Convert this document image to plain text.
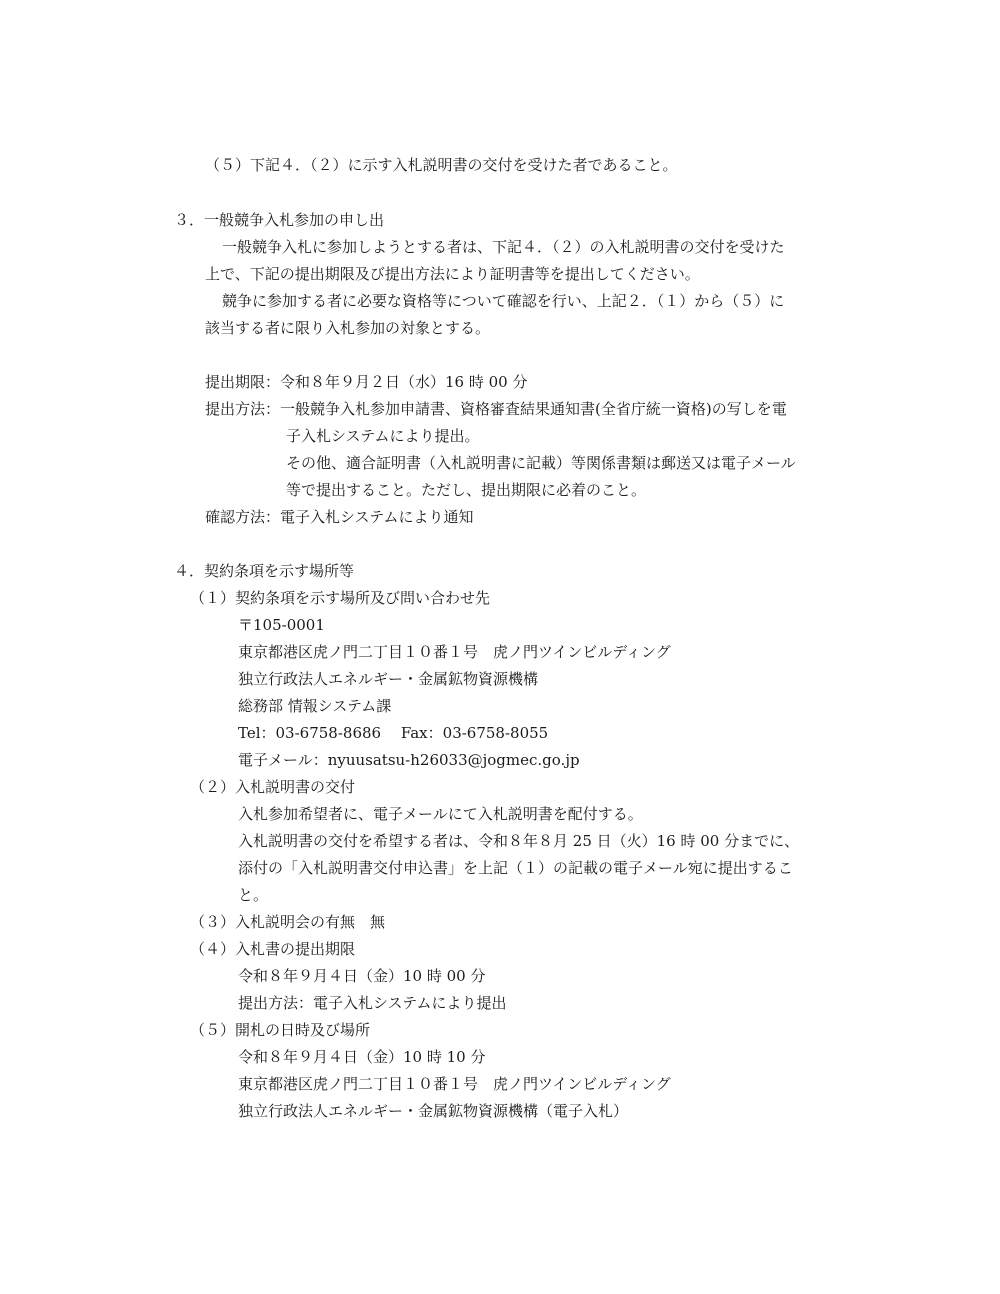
（５）下記４．（２）に示す入札説明書の交付を受けた者であること。

３．一般競争入札参加の申し出

一般競争入札に参加しようとする者は、下記４．（２）の入札説明書の交付を受けた

上で、下記の提出期限及び提出方法により証明書等を提出してください。

競争に参加する者に必要な資格等について確認を行い、上記２．（１）から（５）に

該当する者に限り入札参加の対象とする。

提出期限：令和８年９月２日（水）16 時 00 分

提出方法：一般競争入札参加申請書、資格審査結果通知書(全省庁統一資格)の写しを電

子入札システムにより提出。

その他、適合証明書（入札説明書に記載）等関係書類は郵送又は電子メール

等で提出すること。ただし、提出期限に必着のこと。

確認方法：電子入札システムにより通知

４．契約条項を示す場所等

（１）契約条項を示す場所及び問い合わせ先

〒105-0001

東京都港区虎ノ門二丁目１０番１号　虎ノ門ツインビルディング

独立行政法人エネルギー・金属鉱物資源機構

総務部 情報システム課

Tel：03-6758-8686　 Fax：03-6758-8055

電子メール：nyuusatsu-h26033@jogmec.go.jp

（２）入札説明書の交付

入札参加希望者に、電子メールにて入札説明書を配付する。

入札説明書の交付を希望する者は、令和８年８月 25 日（火）16 時 00 分までに、

添付の「入札説明書交付申込書」を上記（１）の記載の電子メール宛に提出するこ

と。

（３）入札説明会の有無　無

（４）入札書の提出期限

令和８年９月４日（金）10 時 00 分

提出方法：電子入札システムにより提出

（５）開札の日時及び場所

令和８年９月４日（金）10 時 10 分

東京都港区虎ノ門二丁目１０番１号　虎ノ門ツインビルディング

独立行政法人エネルギー・金属鉱物資源機構（電子入札）
